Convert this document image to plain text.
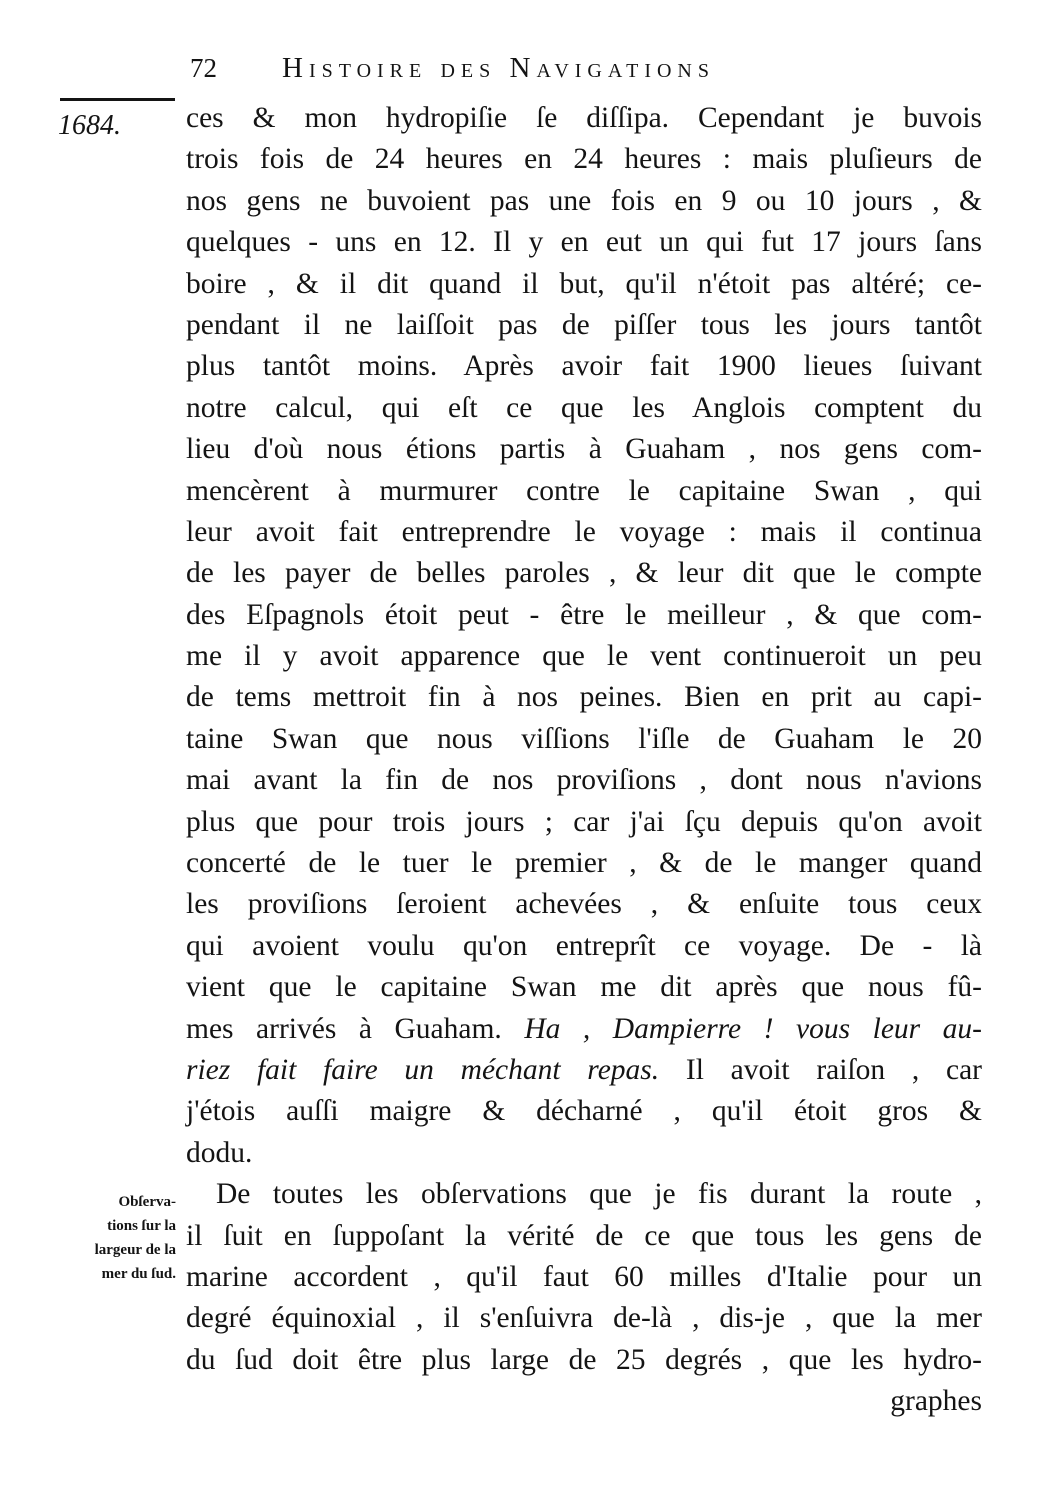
72 Histoire des Navigations
1684. ces & mon hydropiſie ſe diſſipa. Cependant je buvois
trois fois de 24 heures en 24 heures : mais pluſieurs de
nos gens ne buvoient pas une fois en 9 ou 10 jours , &
quelques - uns en 12. Il y en eut un qui fut 17 jours ſans
boire , & il dit quand il but, qu'il n'étoit pas altéré; ce-
pendant il ne laiſſoit pas de piſſer tous les jours tantôt
plus tantôt moins. Après avoir fait 1900 lieues ſuivant
notre calcul, qui eſt ce que les Anglois comptent du
lieu d'où nous étions partis à Guaham , nos gens com-
mencèrent à murmurer contre le capitaine Swan , qui
leur avoit fait entreprendre le voyage : mais il continua
de les payer de belles paroles , & leur dit que le compte
des Eſpagnols étoit peut - être le meilleur , & que com-
me il y avoit apparence que le vent continueroit un peu
de tems mettroit fin à nos peines. Bien en prit au capi-
taine Swan que nous viſſions l'iſle de Guaham le 20
mai avant la fin de nos proviſions , dont nous n'avions
plus que pour trois jours ; car j'ai ſçu depuis qu'on avoit
concerté de le tuer le premier , & de le manger quand
les proviſions ſeroient achevées , & enſuite tous ceux
qui avoient voulu qu'on entreprît ce voyage. De - là
vient que le capitaine Swan me dit après que nous fû-
mes arrivés à Guaham. Ha , Dampierre ! vous leur au-
riez fait faire un méchant repas. Il avoit raiſon , car
j'étois auſſi maigre & décharné , qu'il étoit gros &
dodu.
De toutes les obſervations que je fis durant la route ,
il ſuit en ſuppoſant la vérité de ce que tous les gens de
marine accordent , qu'il faut 60 milles d'Italie pour un
degré équinoxial , il s'enſuivra de-là , dis-je , que la mer
du ſud doit être plus large de 25 degrés , que les hydro-
graphes
Obſerva-
tions ſur la
largeur de la
mer du ſud.
